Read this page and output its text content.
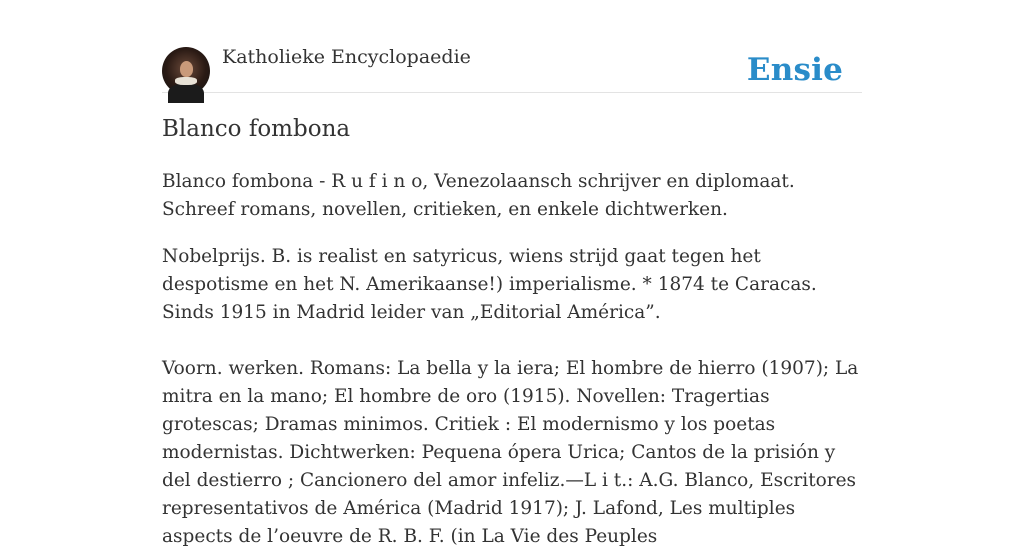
Katholieke Encyclopaedie	Ensie
Blanco fombona

Blanco fombona - R u f i n o, Venezolaansch schrijver en diplomaat. Schreef romans, novellen, critieken, en enkele dichtwerken.

Nobelprijs. B. is realist en satyricus, wiens strijd gaat tegen het despotisme en het N. Amerikaanse!) imperialisme. * 1874 te Caracas. Sinds 1915 in Madrid leider van „Editorial América”.

Voorn. werken. Romans: La bella y la iera; El hombre de hierro (1907); La mitra en la mano; El hombre de oro (1915). Novellen: Tragertias grotescas; Dramas minimos. Critiek : El modernismo y los poetas modernistas. Dichtwerken: Pequena ópera Urica; Cantos de la prisión y del destierro ; Cancionero del amor infeliz.—L i t.: A.G. Blanco, Escritores representativos de América (Madrid 1917); J. Lafond, Les multiples aspects de l’oeuvre de R. B. F. (in La Vie des Peuples
